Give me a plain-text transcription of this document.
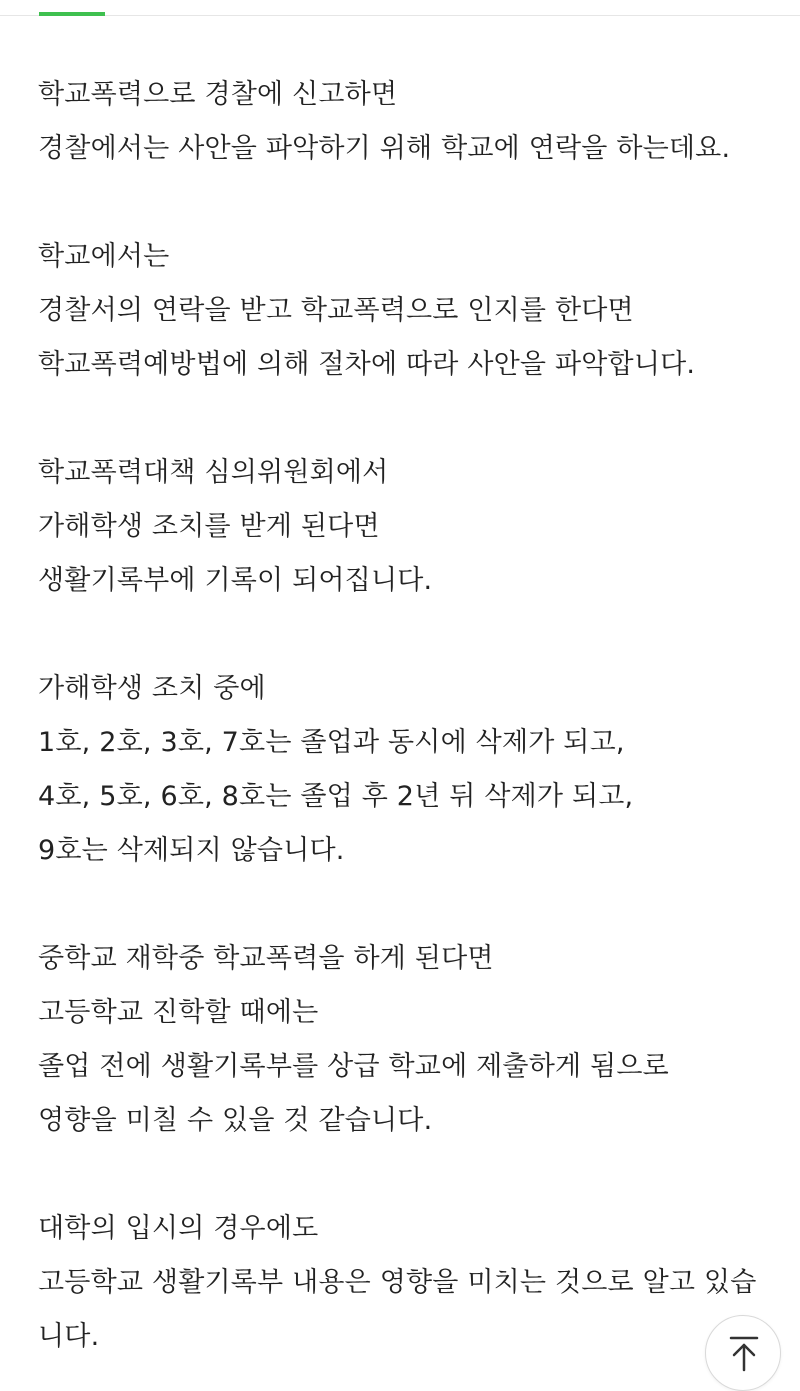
학교폭력으로 경찰에 신고하면
경찰에서는 사안을 파악하기 위해 학교에 연락을 하는데요.
학교에서는
경찰서의 연락을 받고 학교폭력으로 인지를 한다면
학교폭력예방법에 의해 절차에 따라 사안을 파악합니다.
학교폭력대책 심의위원회에서
가해학생 조치를 받게 된다면
생활기록부에 기록이 되어집니다.
가해학생 조치 중에
1호, 2호, 3호, 7호는 졸업과 동시에 삭제가 되고,
4호, 5호, 6호, 8호는 졸업 후 2년 뒤 삭제가 되고,
9호는 삭제되지 않습니다.
중학교 재학중 학교폭력을 하게 된다면
고등학교 진학할 때에는
졸업 전에 생활기록부를 상급 학교에 제출하게 됨으로
영향을 미칠 수 있을 것 같습니다.
대학의 입시의 경우에도
고등학교 생활기록부 내용은 영향을 미치는 것으로 알고 있습
니다.
